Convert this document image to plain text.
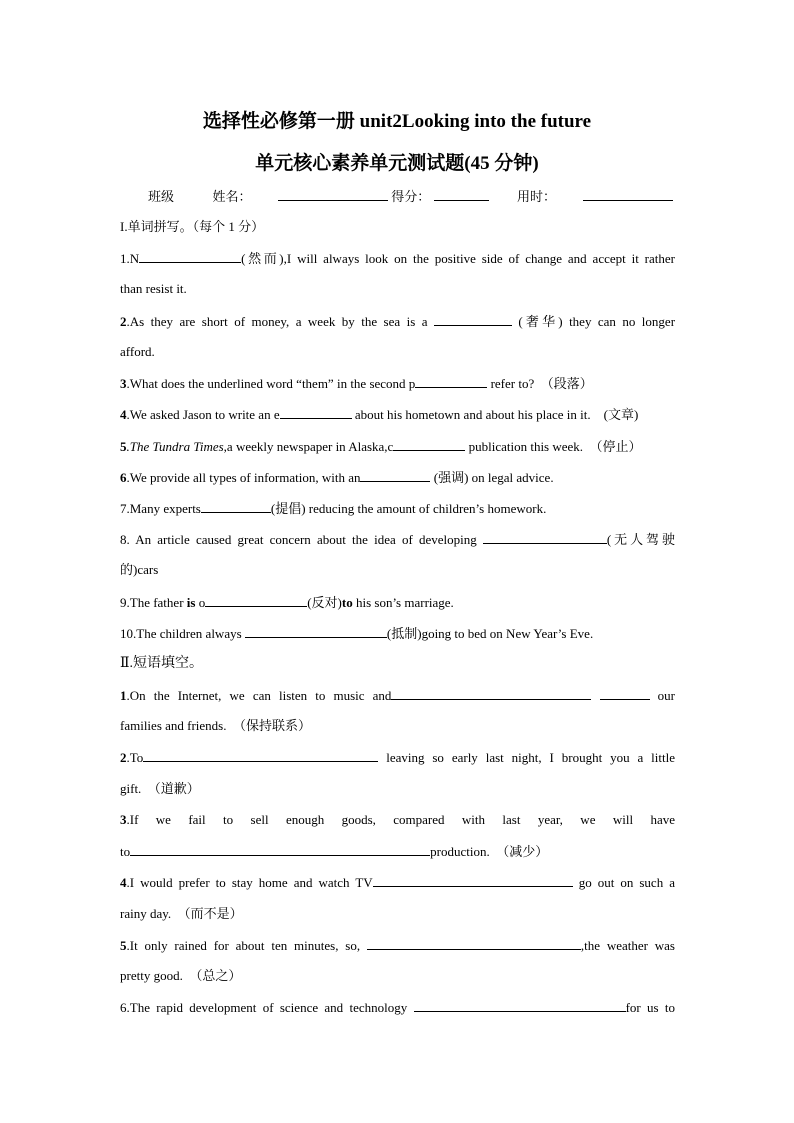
选择性必修第一册 unit2Looking into the future
单元核心素养单元测试题(45 分钟)
班级	姓名：	得分：	用时：
I.单词拼写。（每个 1 分）
1.N	(然而),I will always look on the positive side of change and accept it rather
than resist it.
2.As they are short of money, a week by the sea is a	(奢华) they can no longer
afford.
3.What does the underlined word “them” in the second p	refer to?　（段落）
4.We asked Jason to write an e	about his hometown and about his place in it.　(文章)
5.The Tundra Times,a weekly newspaper in Alaska,c	publication this week.　（停止）
6.We provide all types of information, with an	(强调) on legal advice.
7.Many experts	(提倡) reducing the amount of children’s homework.
8. An article caused great concern about the idea of developing	(无人驾驶
的)cars
9.The father is o	(反对)to his son’s marriage.
10.The children always	(抵制)going to bed on New Year’s Eve.
Ⅱ.短语填空。
1.On the Internet, we can listen to music and	our
families and friends.　（保持联系）
2.To	leaving so early last night, I brought you a little
gift.　（道歉）
3.If we fail to sell enough goods, compared with last year, we will have
to	production.　（减少）
4.I would prefer to stay home and watch TV	go out on such a
rainy day.　（而不是）
5.It only rained for about ten minutes, so,	,the weather was
pretty good.　（总之）
6.The rapid development of science and technology	for us to
